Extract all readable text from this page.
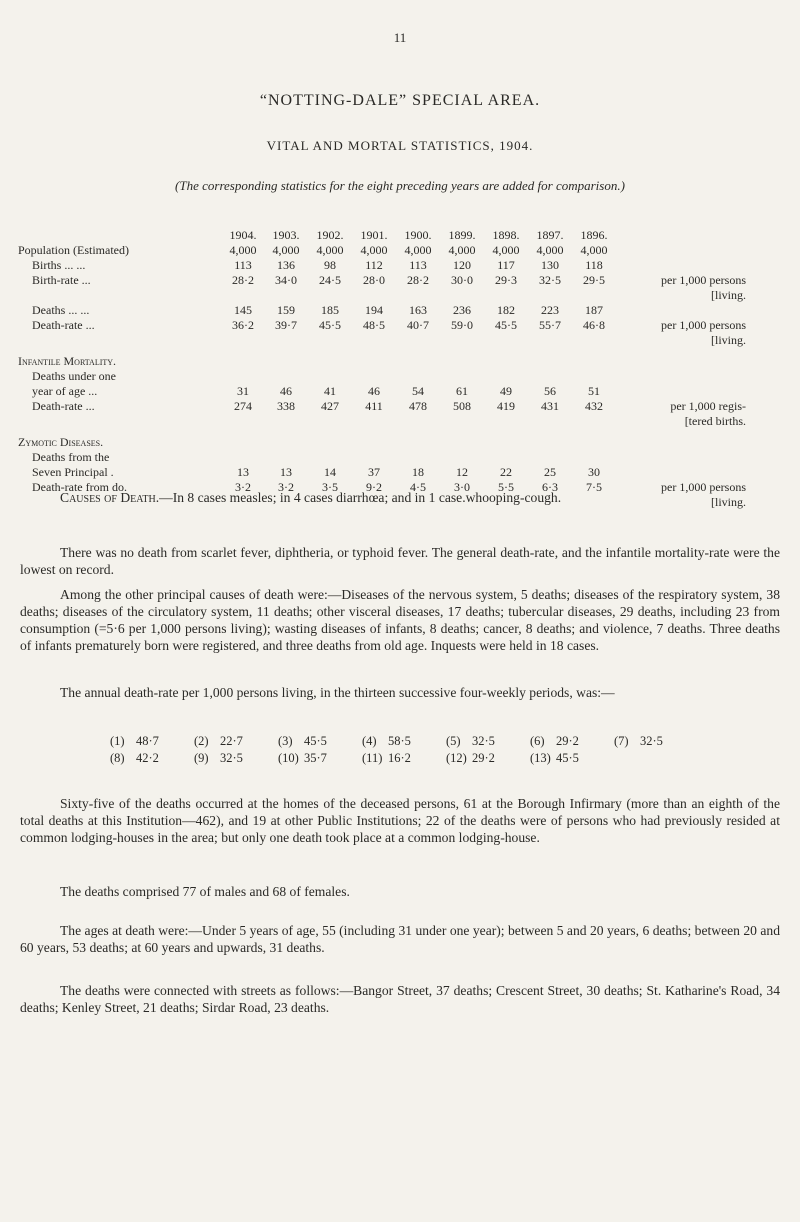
11
“NOTTING-DALE” SPECIAL AREA.
VITAL AND MORTAL STATISTICS, 1904.
(The corresponding statistics for the eight preceding years are added for comparison.)
	1904.	1903.	1902.	1901.	1900.	1899.	1898.	1897.	1896.	
Population (Estimated)	4,000	4,000	4,000	4,000	4,000	4,000	4,000	4,000	4,000	
Births ... ...	113	136	98	112	113	120	117	130	118	
Birth-rate ...	28·2	34·0	24·5	28·0	28·2	30·0	29·3	32·5	29·5	per 1,000 persons
[living.										
Deaths ... ...	145	159	185	194	163	236	182	223	187	
Death-rate ...	36·2	39·7	45·5	48·5	40·7	59·0	45·5	55·7	46·8	per 1,000 persons
[living.										
Infantile Mortality.										
Deaths under one										
year of age ...	31	46	41	46	54	61	49	56	51	
Death-rate ...	274	338	427	411	478	508	419	431	432	per 1,000 regis-
[tered births.										
Zymotic Diseases.										
Deaths from the										
Seven Principal .	13	13	14	37	18	12	22	25	30	
Death-rate from do.	3·2	3·2	3·5	9·2	4·5	3·0	5·5	6·3	7·5	per 1,000 persons
[living.										
Causes of Death.—In 8 cases measles; in 4 cases diarrhœa; and in 1 case.whooping-cough.
There was no death from scarlet fever, diphtheria, or typhoid fever. The general death-rate, and the infantile mortality-rate were the lowest on record.
Among the other principal causes of death were:—Diseases of the nervous system, 5 deaths; diseases of the respiratory system, 38 deaths; diseases of the circulatory system, 11 deaths; other visceral diseases, 17 deaths; tubercular diseases, 29 deaths, including 23 from consumption (=5·6 per 1,000 persons living); wasting diseases of infants, 8 deaths; cancer, 8 deaths; and violence, 7 deaths. Three deaths of infants prematurely born were registered, and three deaths from old age. Inquests were held in 18 cases.
The annual death-rate per 1,000 persons living, in the thirteen successive four-weekly periods, was:—
(1)	48·7	(2)	22·7	(3)	45·5	(4)	58·5	(5)	32·5	(6)	29·2	(7)	32·5
(8)	42·2	(9)	32·5	(10)	35·7	(11)	16·2	(12)	29·2	(13)	45·5		
Sixty-five of the deaths occurred at the homes of the deceased persons, 61 at the Borough Infirmary (more than an eighth of the total deaths at this Institution—462), and 19 at other Public Institutions; 22 of the deaths were of persons who had previously resided at common lodging-houses in the area; but only one death took place at a common lodging-house.
The deaths comprised 77 of males and 68 of females.
The ages at death were:—Under 5 years of age, 55 (including 31 under one year); between 5 and 20 years, 6 deaths; between 20 and 60 years, 53 deaths; at 60 years and upwards, 31 deaths.
The deaths were connected with streets as follows:—Bangor Street, 37 deaths; Crescent Street, 30 deaths; St. Katharine's Road, 34 deaths; Kenley Street, 21 deaths; Sirdar Road, 23 deaths.
